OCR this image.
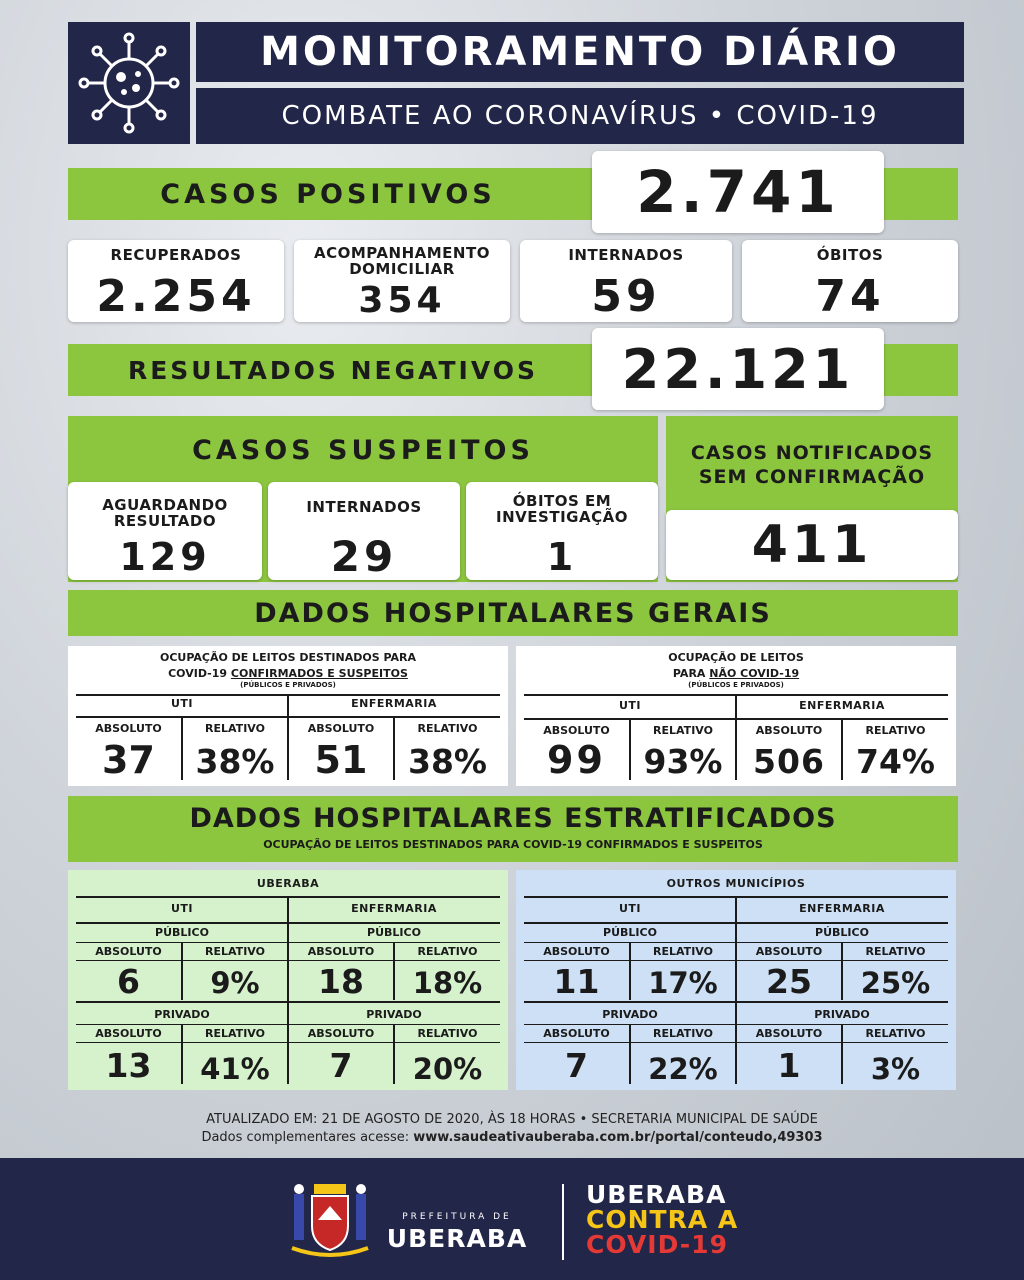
MONITORAMENTO DIÁRIO
COMBATE AO CORONAVÍRUS • COVID-19
CASOS POSITIVOS	2.741
RECUPERADOS
2.254
ACOMPANHAMENTO DOMICILIAR
354
INTERNADOS
59
ÓBITOS
74
RESULTADOS NEGATIVOS	22.121
CASOS SUSPEITOS
AGUARDANDO RESULTADO
129
INTERNADOS
29
ÓBITOS EM INVESTIGAÇÃO
1
CASOS NOTIFICADOS SEM CONFIRMAÇÃO
411
DADOS HOSPITALARES GERAIS
OCUPAÇÃO DE LEITOS DESTINADOS PARA
COVID-19
CONFIRMADOS E SUSPEITOS
(PÚBLICOS E PRIVADOS)
UTI	ENFERMARIA
ABSOLUTO	RELATIVO	ABSOLUTO	RELATIVO
37	38%	51	38%
OCUPAÇÃO DE LEITOS
PARA
NÃO COVID-19
(PÚBLICOS E PRIVADOS)
UTI	ENFERMARIA
ABSOLUTO	RELATIVO	ABSOLUTO	RELATIVO
99	93% 506 74%
DADOS HOSPITALARES ESTRATIFICADOS
OCUPAÇÃO DE LEITOS DESTINADOS PARA COVID-19 CONFIRMADOS E SUSPEITOS
UBERABA
UTI	ENFERMARIA
PÚBLICO	PÚBLICO
ABSOLUTO	RELATIVO	ABSOLUTO	RELATIVO
6	9%	18	18%
PRIVADO	PRIVADO
ABSOLUTO	RELATIVO	ABSOLUTO	RELATIVO
13	41%	7	20%
OUTROS MUNICÍPIOS
UTI	ENFERMARIA
PÚBLICO	PÚBLICO
ABSOLUTO	RELATIVO	ABSOLUTO	RELATIVO
11	17%	25	25%
PRIVADO	PRIVADO
ABSOLUTO	RELATIVO	ABSOLUTO	RELATIVO
7	22%	1	3%
ATUALIZADO EM: 21 DE AGOSTO DE 2020, ÀS 18 HORAS • SECRETARIA MUNICIPAL DE SAÚDE
Dados complementares acesse:
www.saudeativauberaba.com.br/portal/conteudo,49303
PREFEITURA DE
UBERABA
UBERABA
CONTRA A
COVID-19
